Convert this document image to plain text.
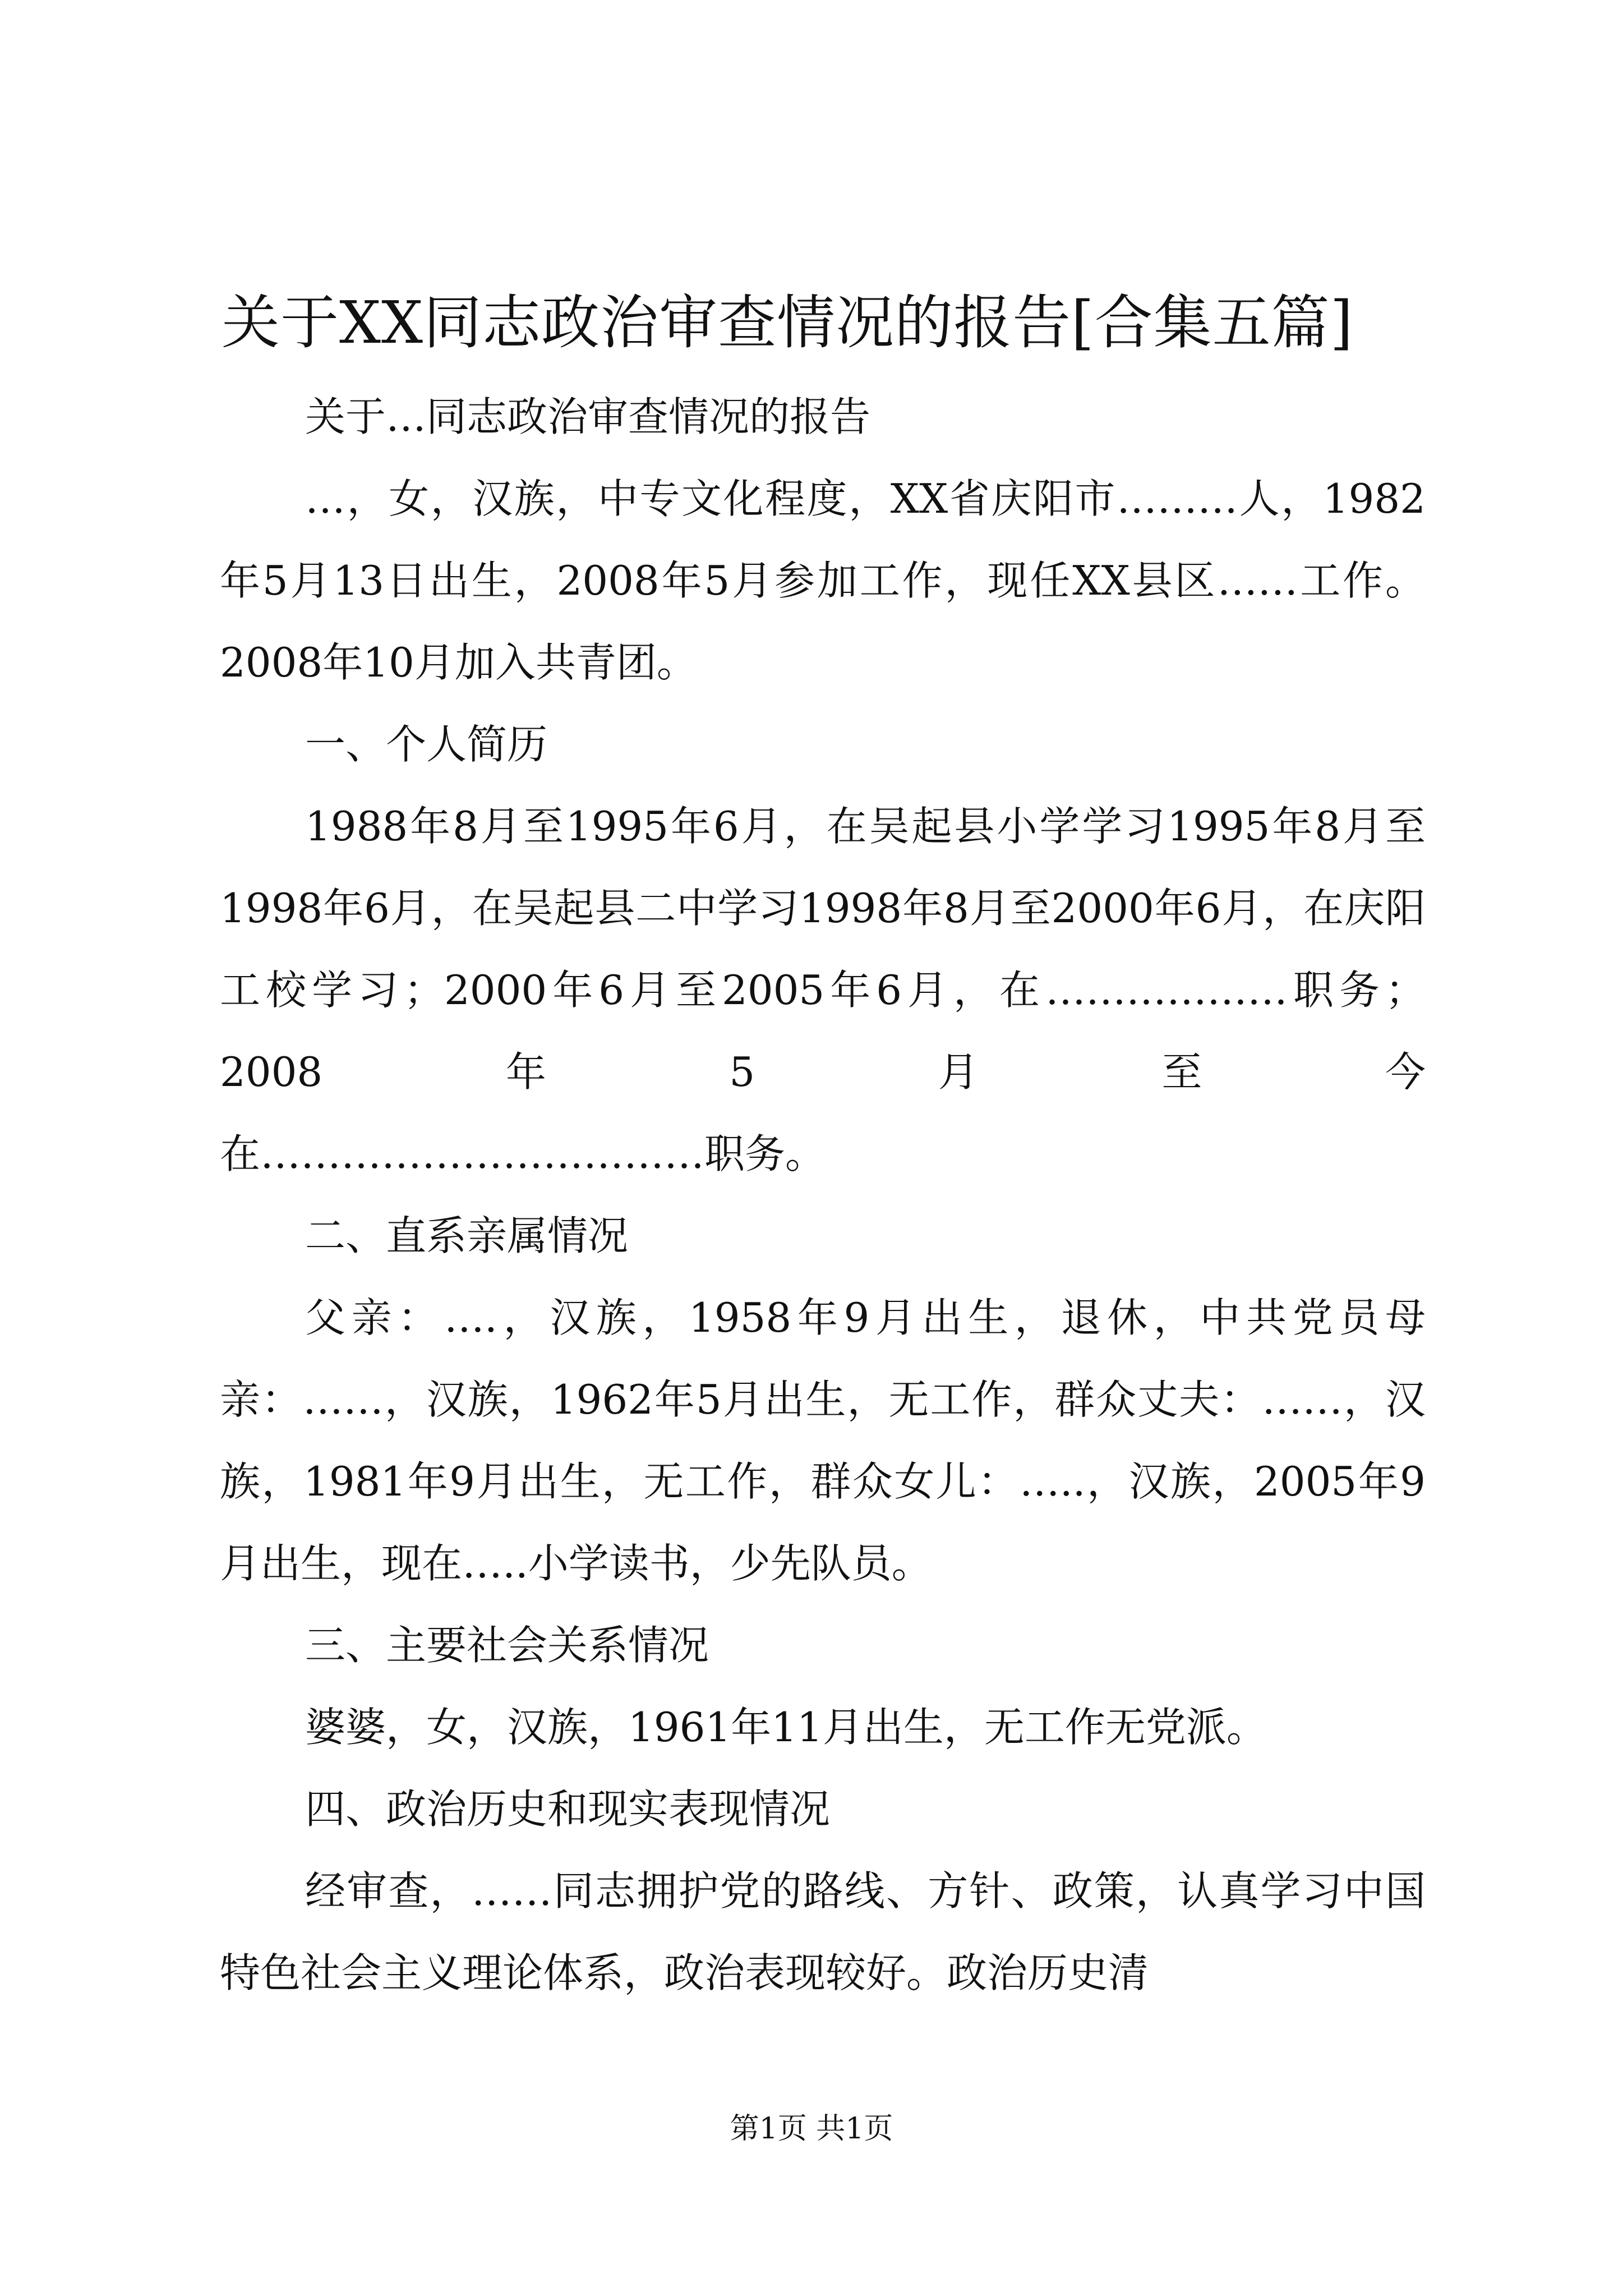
关于XX同志政治审查情况的报告[合集五篇]

关于…同志政治审查情况的报告

…，女，汉族，中专文化程度，XX省庆阳市………人，1982年5月13日出生，2008年5月参加工作，现任XX县区……工作。2008年10月加入共青团。

一、个人简历

1988年8月至1995年6月，在吴起县小学学习1995年8月至1998年6月，在吴起县二中学习1998年8月至2000年6月，在庆阳工校学习；2000年6月至2005年6月，在………………职务；2008年5月至今

在……………………………职务。

二、直系亲属情况

父亲：….，汉族，1958年9月出生，退休，中共党员母亲：……，汉族，1962年5月出生，无工作，群众丈夫：……，汉族，1981年9月出生，无工作，群众女儿：…..，汉族，2005年9月出生，现在…..小学读书，少先队员。

三、主要社会关系情况

婆婆，女，汉族，1961年11月出生，无工作无党派。

四、政治历史和现实表现情况

经审查，……同志拥护党的路线、方针、政策，认真学习中国特色社会主义理论体系，政治表现较好。政治历史清

第1页 共1页
